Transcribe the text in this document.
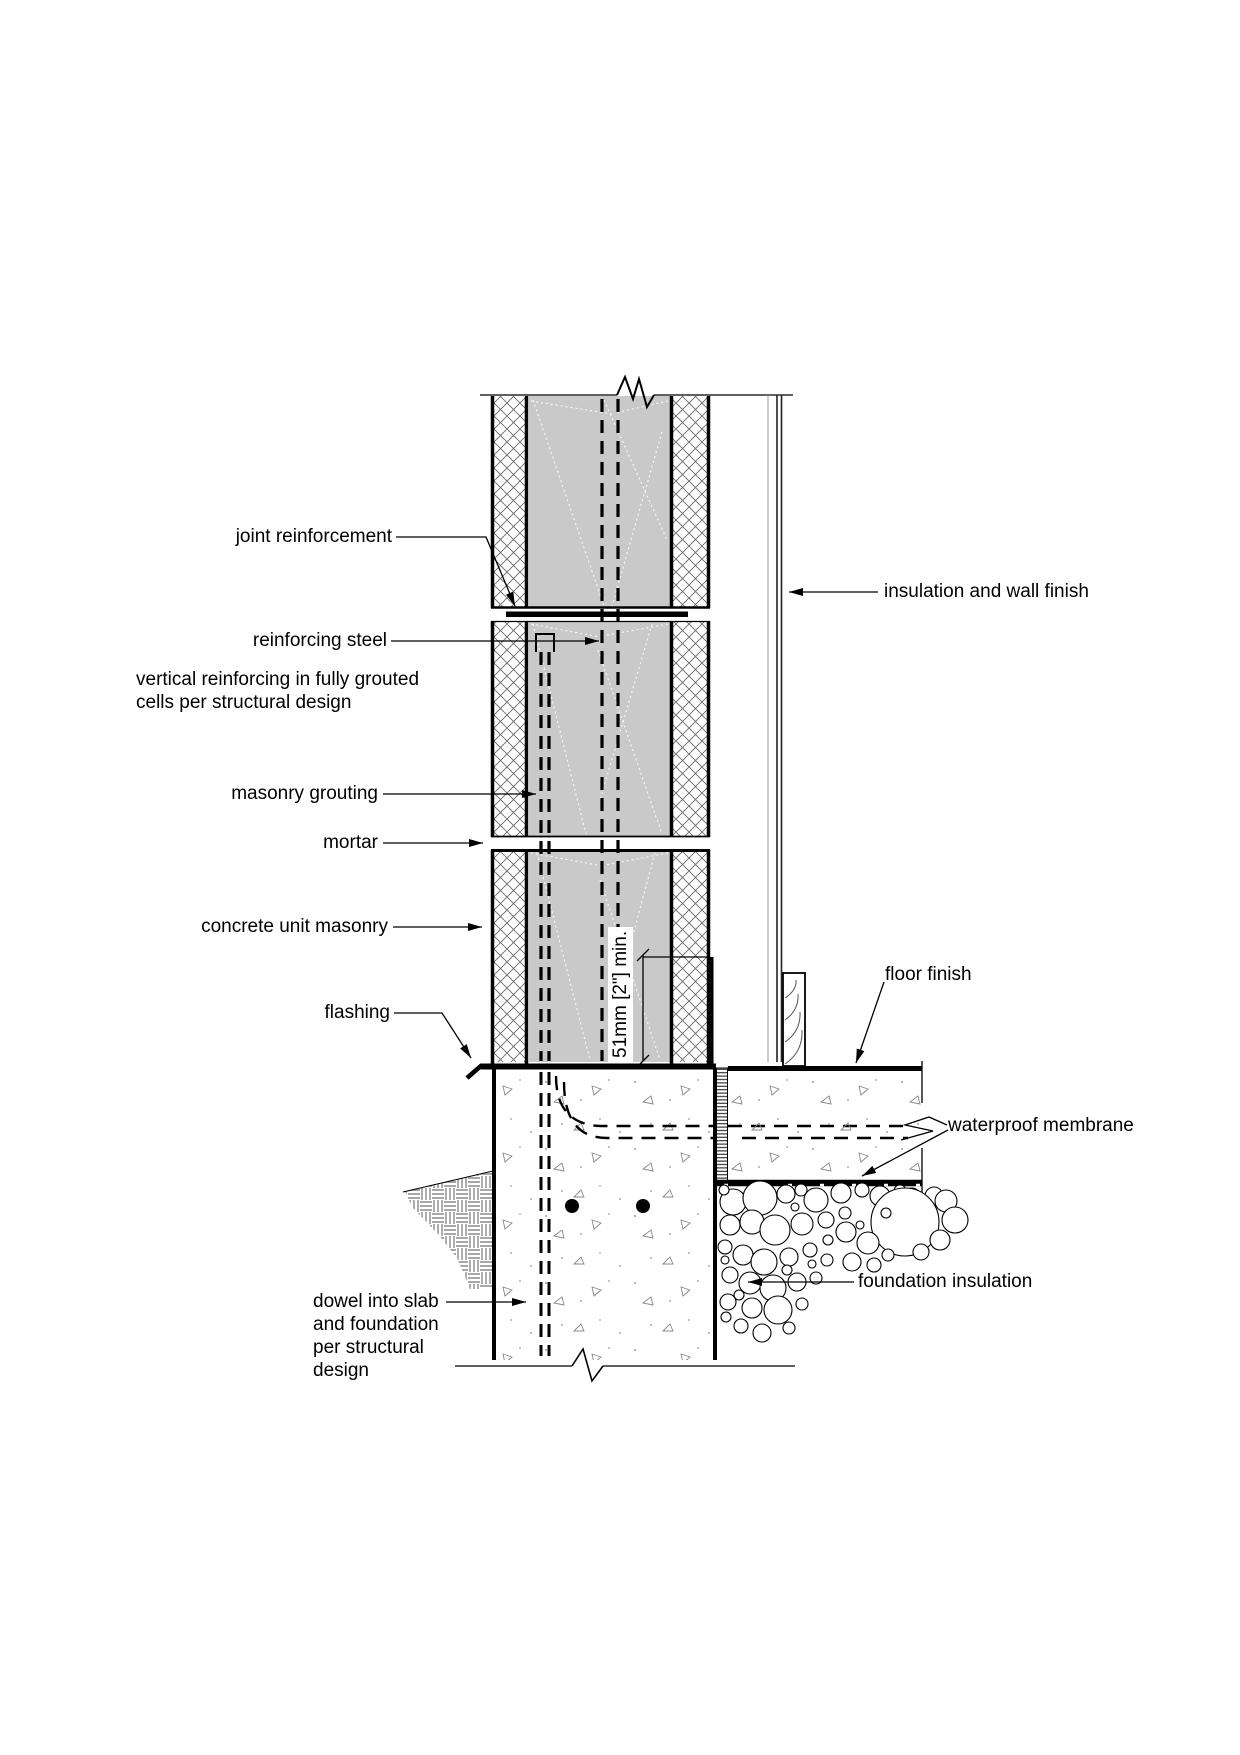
joint reinforcement
reinforcing steel
vertical reinforcing in fully grouted cells per structural design
masonry grouting
mortar
concrete unit masonry
flashing
insulation and wall finish
floor finish
waterproof membrane
foundation insulation
dowel into slab and foundation per structural design
51mm [2"] min.
